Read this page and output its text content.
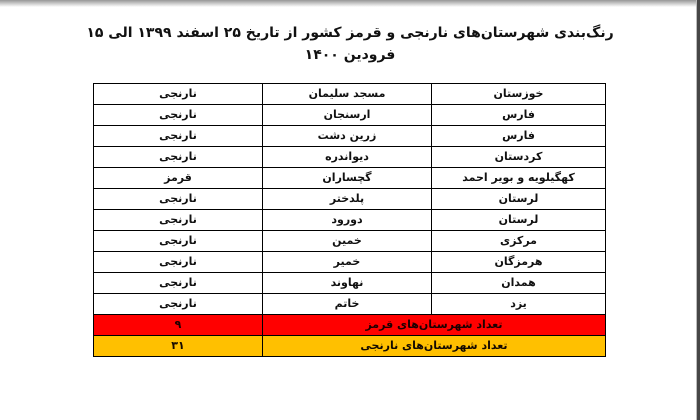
رنگ‌بندی شهرستان‌های نارنجی و قرمز کشور از تاریخ ۲۵ اسفند ۱۳۹۹ الی ۱۵ فرودین ۱۴۰۰
خوزستان	مسجد سلیمان	نارنجی
فارس	ارسنجان	نارنجی
فارس	زرین دشت	نارنجی
کردستان	دیواندره	نارنجی
کهگیلویه و بویر احمد	گچساران	قرمز
لرستان	پلدختر	نارنجی
لرستان	دورود	نارنجی
مرکزی	خمین	نارنجی
هرمزگان	خمیر	نارنجی
همدان	نهاوند	نارنجی
یزد	خاتم	نارنجی
تعداد شهرستان‌های قرمز		۹
تعداد شهرستان‌های نارنجی		۳۱
